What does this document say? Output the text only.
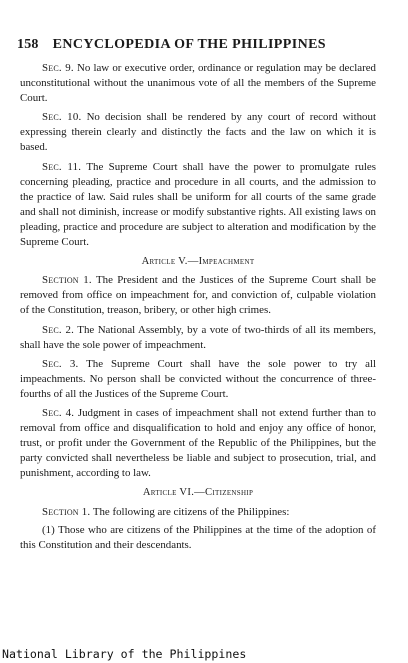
158 ENCYCLOPEDIA OF THE PHILIPPINES

Sec. 9. No law or executive order, ordinance or regulation may be declared unconstitutional without the unanimous vote of all the members of the Supreme Court.

Sec. 10. No decision shall be rendered by any court of record without expressing therein clearly and distinctly the facts and the law on which it is based.

Sec. 11. The Supreme Court shall have the power to promulgate rules concerning pleading, practice and procedure in all courts, and the admission to the practice of law. Said rules shall be uniform for all courts of the same grade and shall not diminish, increase or modify substantive rights. All existing laws on pleading, practice and procedure are subject to alteration and modification by the Supreme Court.

Article V.—Impeachment

Section 1. The President and the Justices of the Supreme Court shall be removed from office on impeachment for, and conviction of, culpable violation of the Constitution, treason, bribery, or other high crimes.

Sec. 2. The National Assembly, by a vote of two-thirds of all its members, shall have the sole power of impeachment.

Sec. 3. The Supreme Court shall have the sole power to try all impeachments. No person shall be convicted without the concurrence of three-fourths of all the Justices of the Supreme Court.

Sec. 4. Judgment in cases of impeachment shall not extend further than to removal from office and disqualification to hold and enjoy any office of honor, trust, or profit under the Government of the Republic of the Philippines, but the party convicted shall nevertheless be liable and subject to prosecution, trial, and punishment, according to law.

Article VI.—Citizenship

Section 1. The following are citizens of the Philippines:

(1) Those who are citizens of the Philippines at the time of the adoption of this Constitution and their descendants.

National Library of the Philippines
